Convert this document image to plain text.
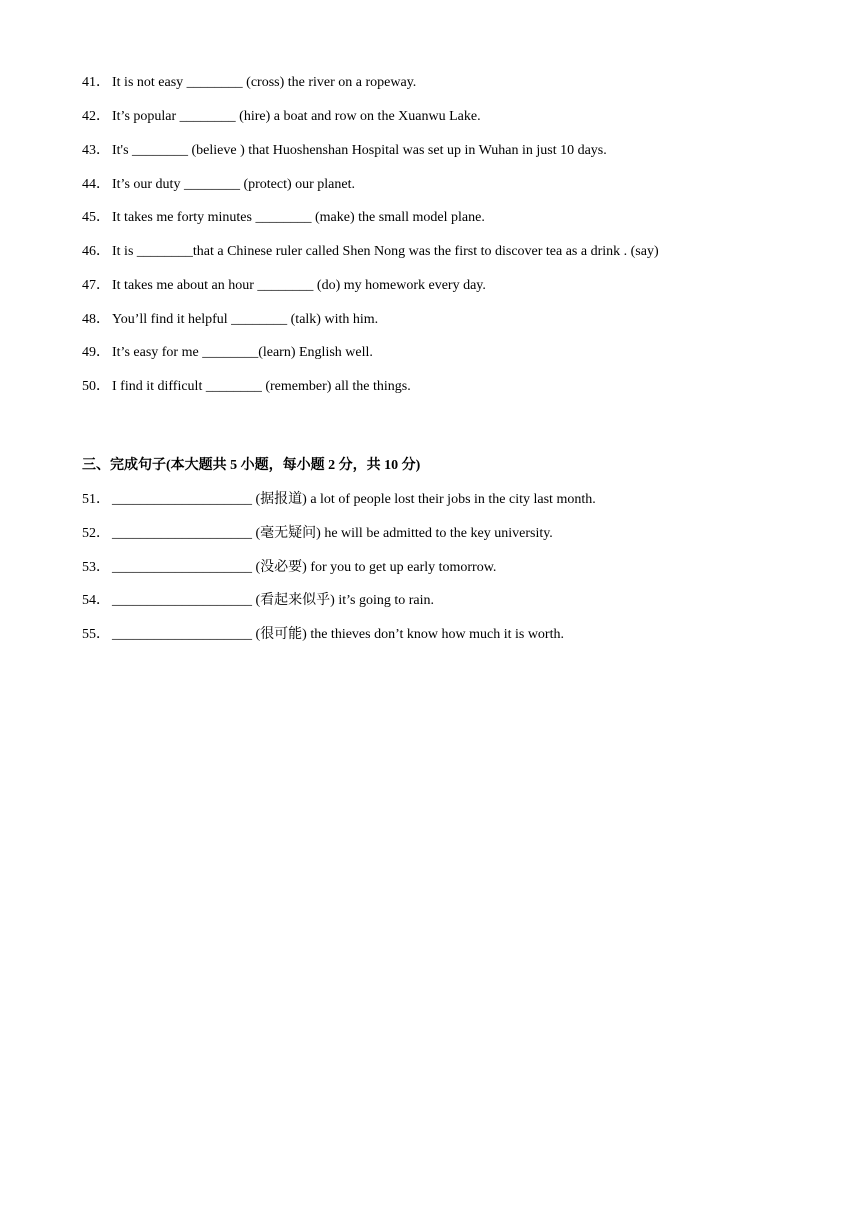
41． It is not easy ________ (cross) the river on a ropeway.
42． It’s popular ________ (hire) a boat and row on the Xuanwu Lake.
43． It's ________ (believe ) that Huoshenshan Hospital was set up in Wuhan in just 10 days.
44． It’s our duty ________ (protect) our planet.
45． It takes me forty minutes ________ (make) the small model plane.
46． It is ________that a Chinese ruler called Shen Nong was the first to discover tea as a drink . (say)
47． It takes me about an hour ________ (do) my homework every day.
48． You’ll find it helpful ________ (talk) with him.
49． It’s easy for me ________(learn) English well.
50． I find it difficult ________ (remember) all the things.
三、完成句子(本大题共 5 小题，每小题 2 分，共 10 分)
51． ____________________ (据报道) a lot of people lost their jobs in the city last month.
52． ____________________ (毫无疑问) he will be admitted to the key university.
53． ____________________ (没必要) for you to get up early tomorrow.
54． ____________________ (看起来似乎) it’s going to rain.
55． ____________________ (很可能) the thieves don’t know how much it is worth.
